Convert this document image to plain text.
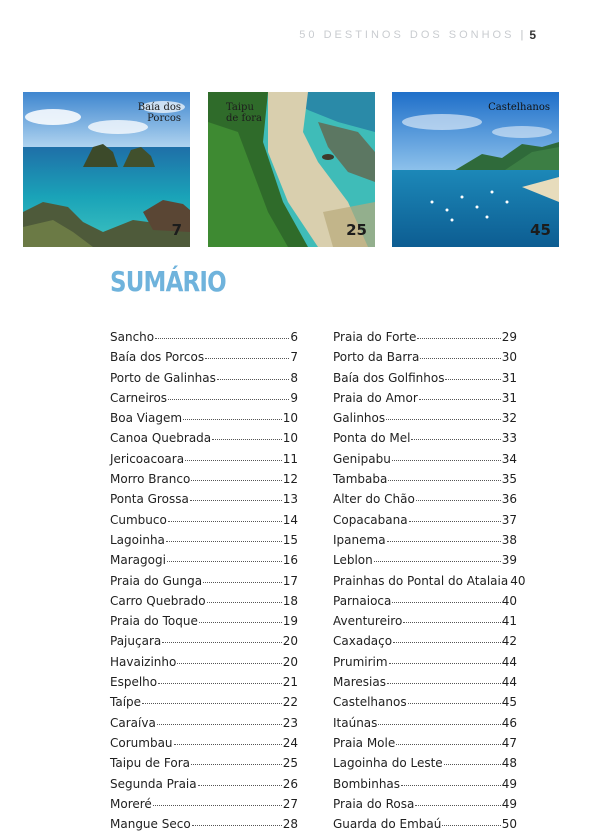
50 DESTINOS DOS SONHOS | 5
Baía dos Porcos
7
Taipu de fora
25
Castelhanos
45
SUMÁRIO
Sancho	6
Baía dos Porcos	7
Porto de Galinhas	8
Carneiros	9
Boa Viagem	10
Canoa Quebrada	10
Jericoacoara	11
Morro Branco	12
Ponta Grossa	13
Cumbuco	14
Lagoinha	15
Maragogi	16
Praia do Gunga	17
Carro Quebrado	18
Praia do Toque	19
Pajuçara	20
Havaizinho	20
Espelho	21
Taípe	22
Caraíva	23
Corumbau	24
Taipu de Fora	25
Segunda Praia	26
Moreré	27
Mangue Seco	28
Praia do Forte	29
Porto da Barra	30
Baía dos Golfinhos	31
Praia do Amor	31
Galinhos	32
Ponta do Mel	33
Genipabu	34
Tambaba	35
Alter do Chão	36
Copacabana	37
Ipanema	38
Leblon	39
Prainhas do Pontal do Atalaia 40
Parnaioca	40
Aventureiro	41
Caxadaço	42
Prumirim	44
Maresias	44
Castelhanos	45
Itaúnas	46
Praia Mole	47
Lagoinha do Leste	48
Bombinhas	49
Praia do Rosa	49
Guarda do Embaú	50
